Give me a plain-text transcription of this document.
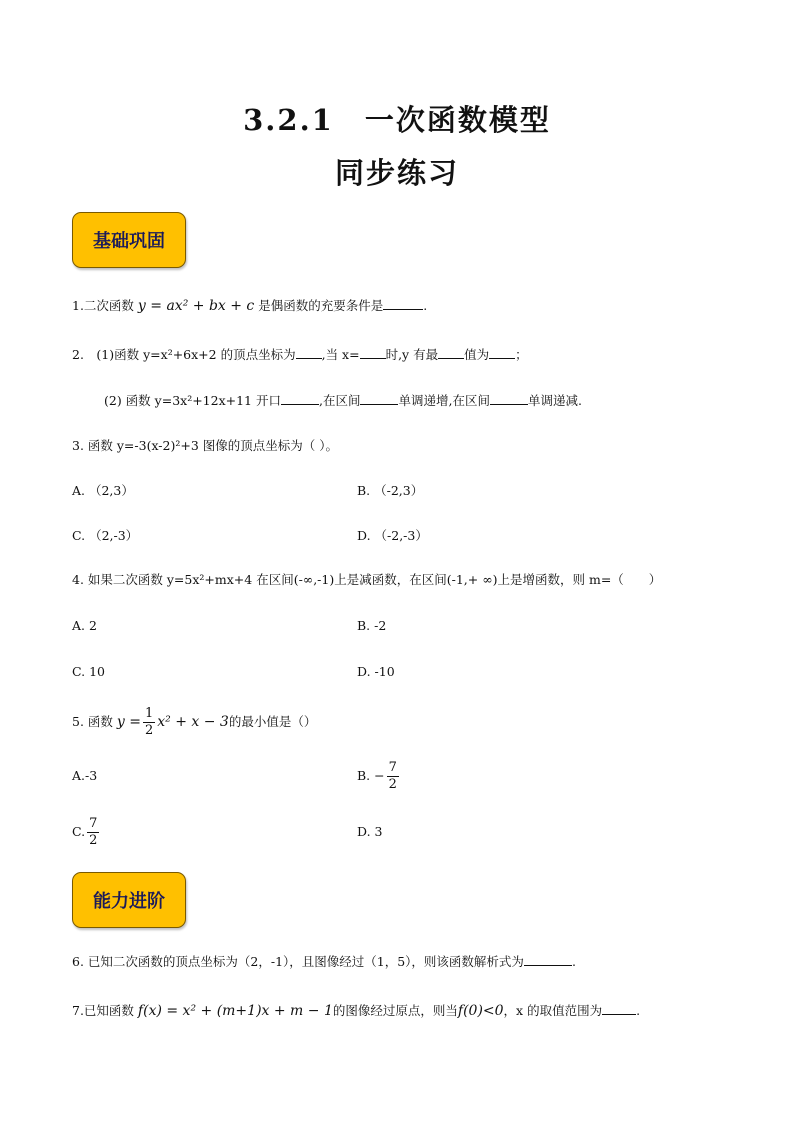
3.2.1　一次函数模型
同步练习
基础巩固
1.二次函数 y = ax² + bx + c 是偶函数的充要条件是	.
2.　(1)函数 y=x²+6x+2 的顶点坐标为 ,当 x= 时,y 有最 值为 ；
(2) 函数 y=3x²+12x+11 开口	,在区间	单调递增,在区间	单调递减.
3. 函数 y=-3(x-2)²+3 图像的顶点坐标为（ ）。
A. （2,3）	B. （-2,3）
C. （2,-3）	D. （-2,-3）
4. 如果二次函数 y=5x²+mx+4 在区间(-∞,-1)上是减函数，在区间(-1,+ ∞)上是增函数，则 m=（　　）
A. 2	B. -2
C. 10	D. -10
5. 函数 $y = \frac{1}{2} x^2 + x - 3$的最小值是（）
A.-3	B. − $\frac{7}{2}$
C. $\frac{7}{2}$	D. 3
能力进阶
6. 已知二次函数的顶点坐标为（2，-1），且图像经过（1，5），则该函数解析式为	.
7.已知函数 f(x) = x² + (m+1)x + m − 1的图像经过原点，则当f(0)<0，x 的取值范围为	.
